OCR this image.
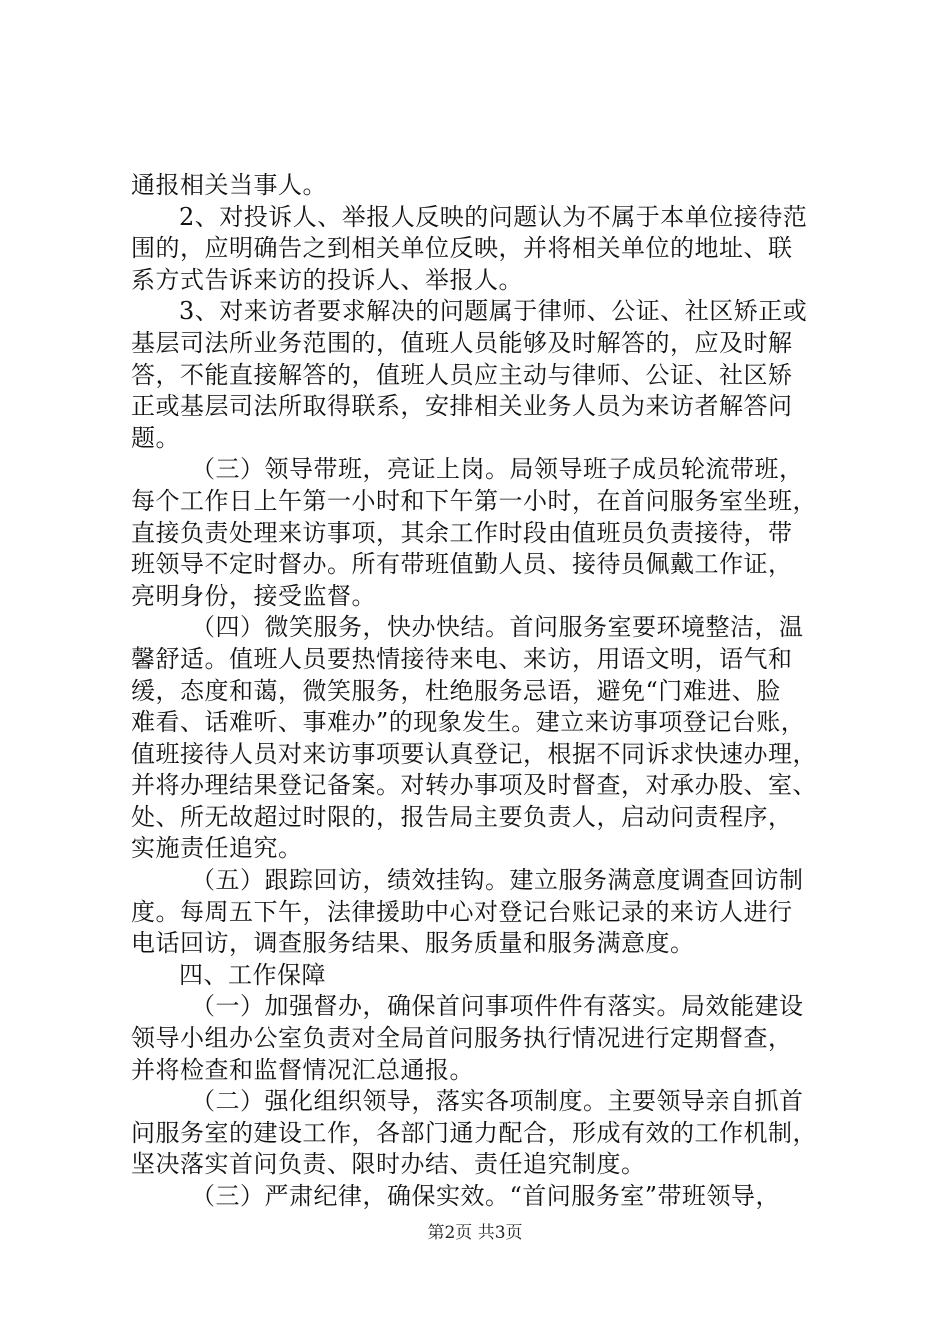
通报相关当事人。
2、对投诉人、举报人反映的问题认为不属于本单位接待范
围的，应明确告之到相关单位反映，并将相关单位的地址、联
系方式告诉来访的投诉人、举报人。
3、对来访者要求解决的问题属于律师、公证、社区矫正或
基层司法所业务范围的，值班人员能够及时解答的，应及时解
答，不能直接解答的，值班人员应主动与律师、公证、社区矫
正或基层司法所取得联系，安排相关业务人员为来访者解答问
题。
（三）领导带班，亮证上岗。局领导班子成员轮流带班，
每个工作日上午第一小时和下午第一小时，在首问服务室坐班，
直接负责处理来访事项，其余工作时段由值班员负责接待，带
班领导不定时督办。所有带班值勤人员、接待员佩戴工作证，
亮明身份，接受监督。
（四）微笑服务，快办快结。首问服务室要环境整洁，温
馨舒适。值班人员要热情接待来电、来访，用语文明，语气和
缓，态度和蔼，微笑服务，杜绝服务忌语，避免“门难进、脸
难看、话难听、事难办”的现象发生。建立来访事项登记台账，
值班接待人员对来访事项要认真登记，根据不同诉求快速办理，
并将办理结果登记备案。对转办事项及时督查，对承办股、室、
处、所无故超过时限的，报告局主要负责人，启动问责程序，
实施责任追究。
（五）跟踪回访，绩效挂钩。建立服务满意度调查回访制
度。每周五下午，法律援助中心对登记台账记录的来访人进行
电话回访，调查服务结果、服务质量和服务满意度。
四、工作保障
（一）加强督办，确保首问事项件件有落实。局效能建设
领导小组办公室负责对全局首问服务执行情况进行定期督查，
并将检查和监督情况汇总通报。
（二）强化组织领导，落实各项制度。主要领导亲自抓首
问服务室的建设工作，各部门通力配合，形成有效的工作机制，
坚决落实首问负责、限时办结、责任追究制度。
（三）严肃纪律，确保实效。“首问服务室”带班领导，
第2页 共3页
